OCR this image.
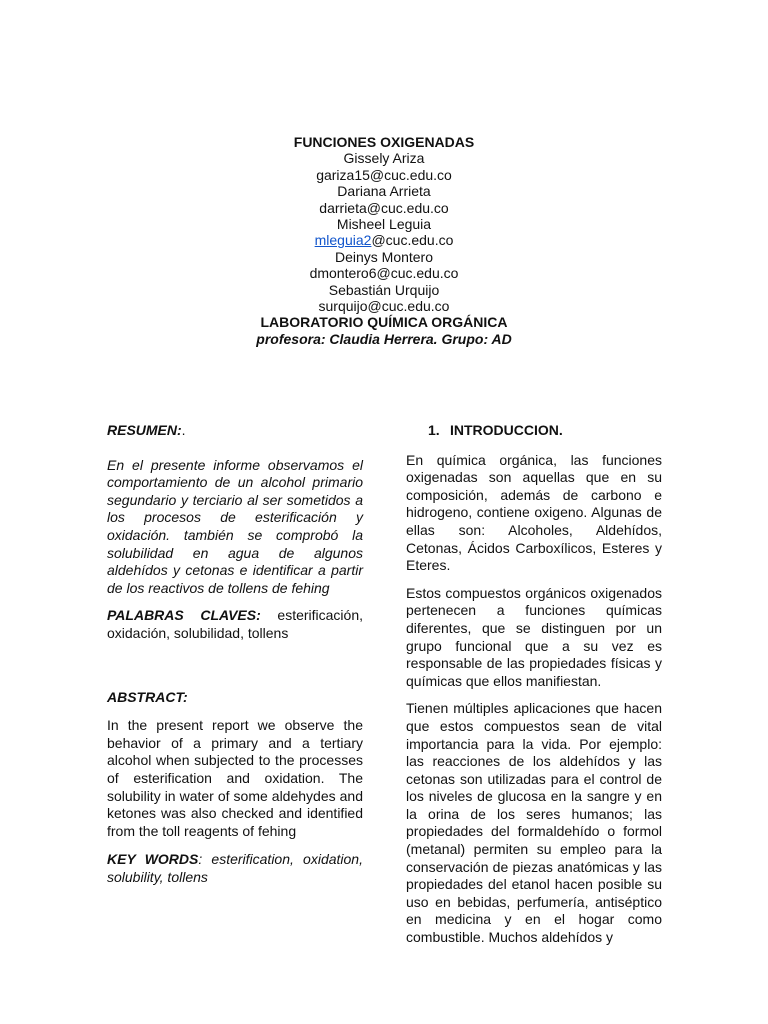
FUNCIONES OXIGENADAS
Gissely Ariza
gariza15@cuc.edu.co
Dariana Arrieta
darrieta@cuc.edu.co
Misheel Leguia
mleguia2@cuc.edu.co
Deinys Montero
dmontero6@cuc.edu.co
Sebastián Urquijo
surquijo@cuc.edu.co
LABORATORIO QUÍMICA ORGÁNICA
profesora: Claudia Herrera. Grupo: AD

RESUMEN:.

En el presente informe observamos el comportamiento de un alcohol primario segundario y terciario al ser sometidos a los procesos de esterificación y oxidación. también se comprobó la solubilidad en agua de algunos aldehídos y cetonas e identificar a partir de los reactivos de tollens de fehing

PALABRAS CLAVES: esterificación, oxidación, solubilidad, tollens

ABSTRACT:

In the present report we observe the behavior of a primary and a tertiary alcohol when subjected to the processes of esterification and oxidation. The solubility in water of some aldehydes and ketones was also checked and identified from the toll reagents of fehing

KEY WORDS: esterification, oxidation, solubility, tollens

1. INTRODUCCION.

En química orgánica, las funciones oxigenadas son aquellas que en su composición, además de carbono e hidrogeno, contiene oxigeno. Algunas de ellas son: Alcoholes, Aldehídos, Cetonas, Ácidos Carboxílicos, Esteres y Eteres.

Estos compuestos orgánicos oxigenados pertenecen a funciones químicas diferentes, que se distinguen por un grupo funcional que a su vez es responsable de las propiedades físicas y químicas que ellos manifiestan.

Tienen múltiples aplicaciones que hacen que estos compuestos sean de vital importancia para la vida. Por ejemplo: las reacciones de los aldehídos y las cetonas son utilizadas para el control de los niveles de glucosa en la sangre y en la orina de los seres humanos; las propiedades del formaldehído o formol (metanal) permiten su empleo para la conservación de piezas anatómicas y las propiedades del etanol hacen posible su uso en bebidas, perfumería, antiséptico en medicina y en el hogar como combustible. Muchos aldehídos y
